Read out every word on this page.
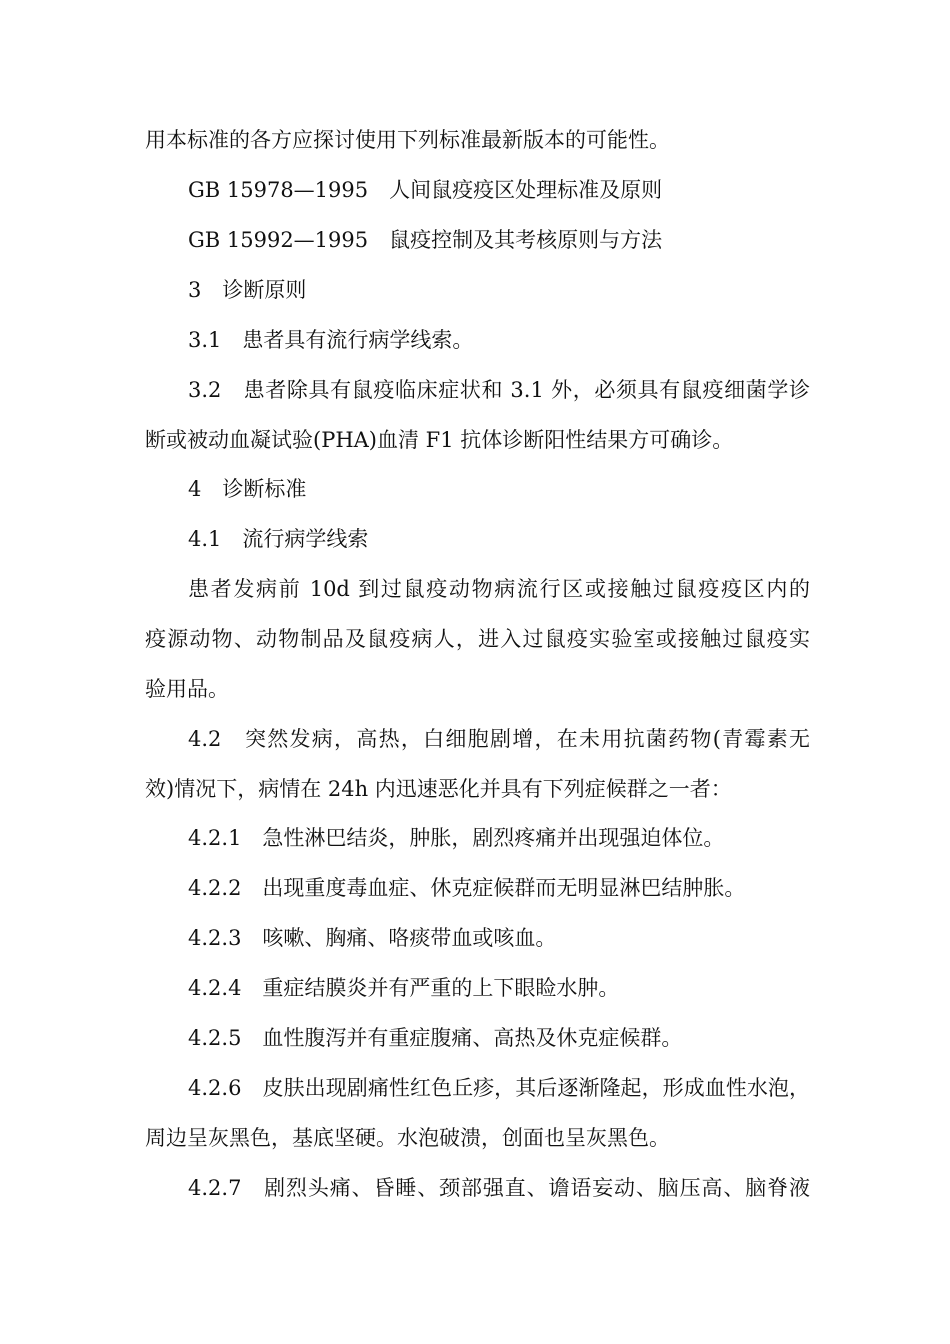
用本标准的各方应探讨使用下列标准最新版本的可能性。
GB 15978—1995　人间鼠疫疫区处理标准及原则
GB 15992—1995　鼠疫控制及其考核原则与方法
3　诊断原则
3.1　患者具有流行病学线索。
3.2　患者除具有鼠疫临床症状和 3.1 外，必须具有鼠疫细菌学诊
断或被动血凝试验(PHA)血清 F1 抗体诊断阳性结果方可确诊。
4　诊断标准
4.1　流行病学线索
患者发病前 10d 到过鼠疫动物病流行区或接触过鼠疫疫区内的
疫源动物、动物制品及鼠疫病人，进入过鼠疫实验室或接触过鼠疫实
验用品。
4.2　突然发病，高热，白细胞剧增，在未用抗菌药物(青霉素无
效)情况下，病情在 24h 内迅速恶化并具有下列症候群之一者：
4.2.1　急性淋巴结炎，肿胀，剧烈疼痛并出现强迫体位。
4.2.2　出现重度毒血症、休克症候群而无明显淋巴结肿胀。
4.2.3　咳嗽、胸痛、咯痰带血或咳血。
4.2.4　重症结膜炎并有严重的上下眼睑水肿。
4.2.5　血性腹泻并有重症腹痛、高热及休克症候群。
4.2.6　皮肤出现剧痛性红色丘疹，其后逐渐隆起，形成血性水泡，
周边呈灰黑色，基底坚硬。水泡破溃，创面也呈灰黑色。
4.2.7　剧烈头痛、昏睡、颈部强直、谵语妄动、脑压高、脑脊液
